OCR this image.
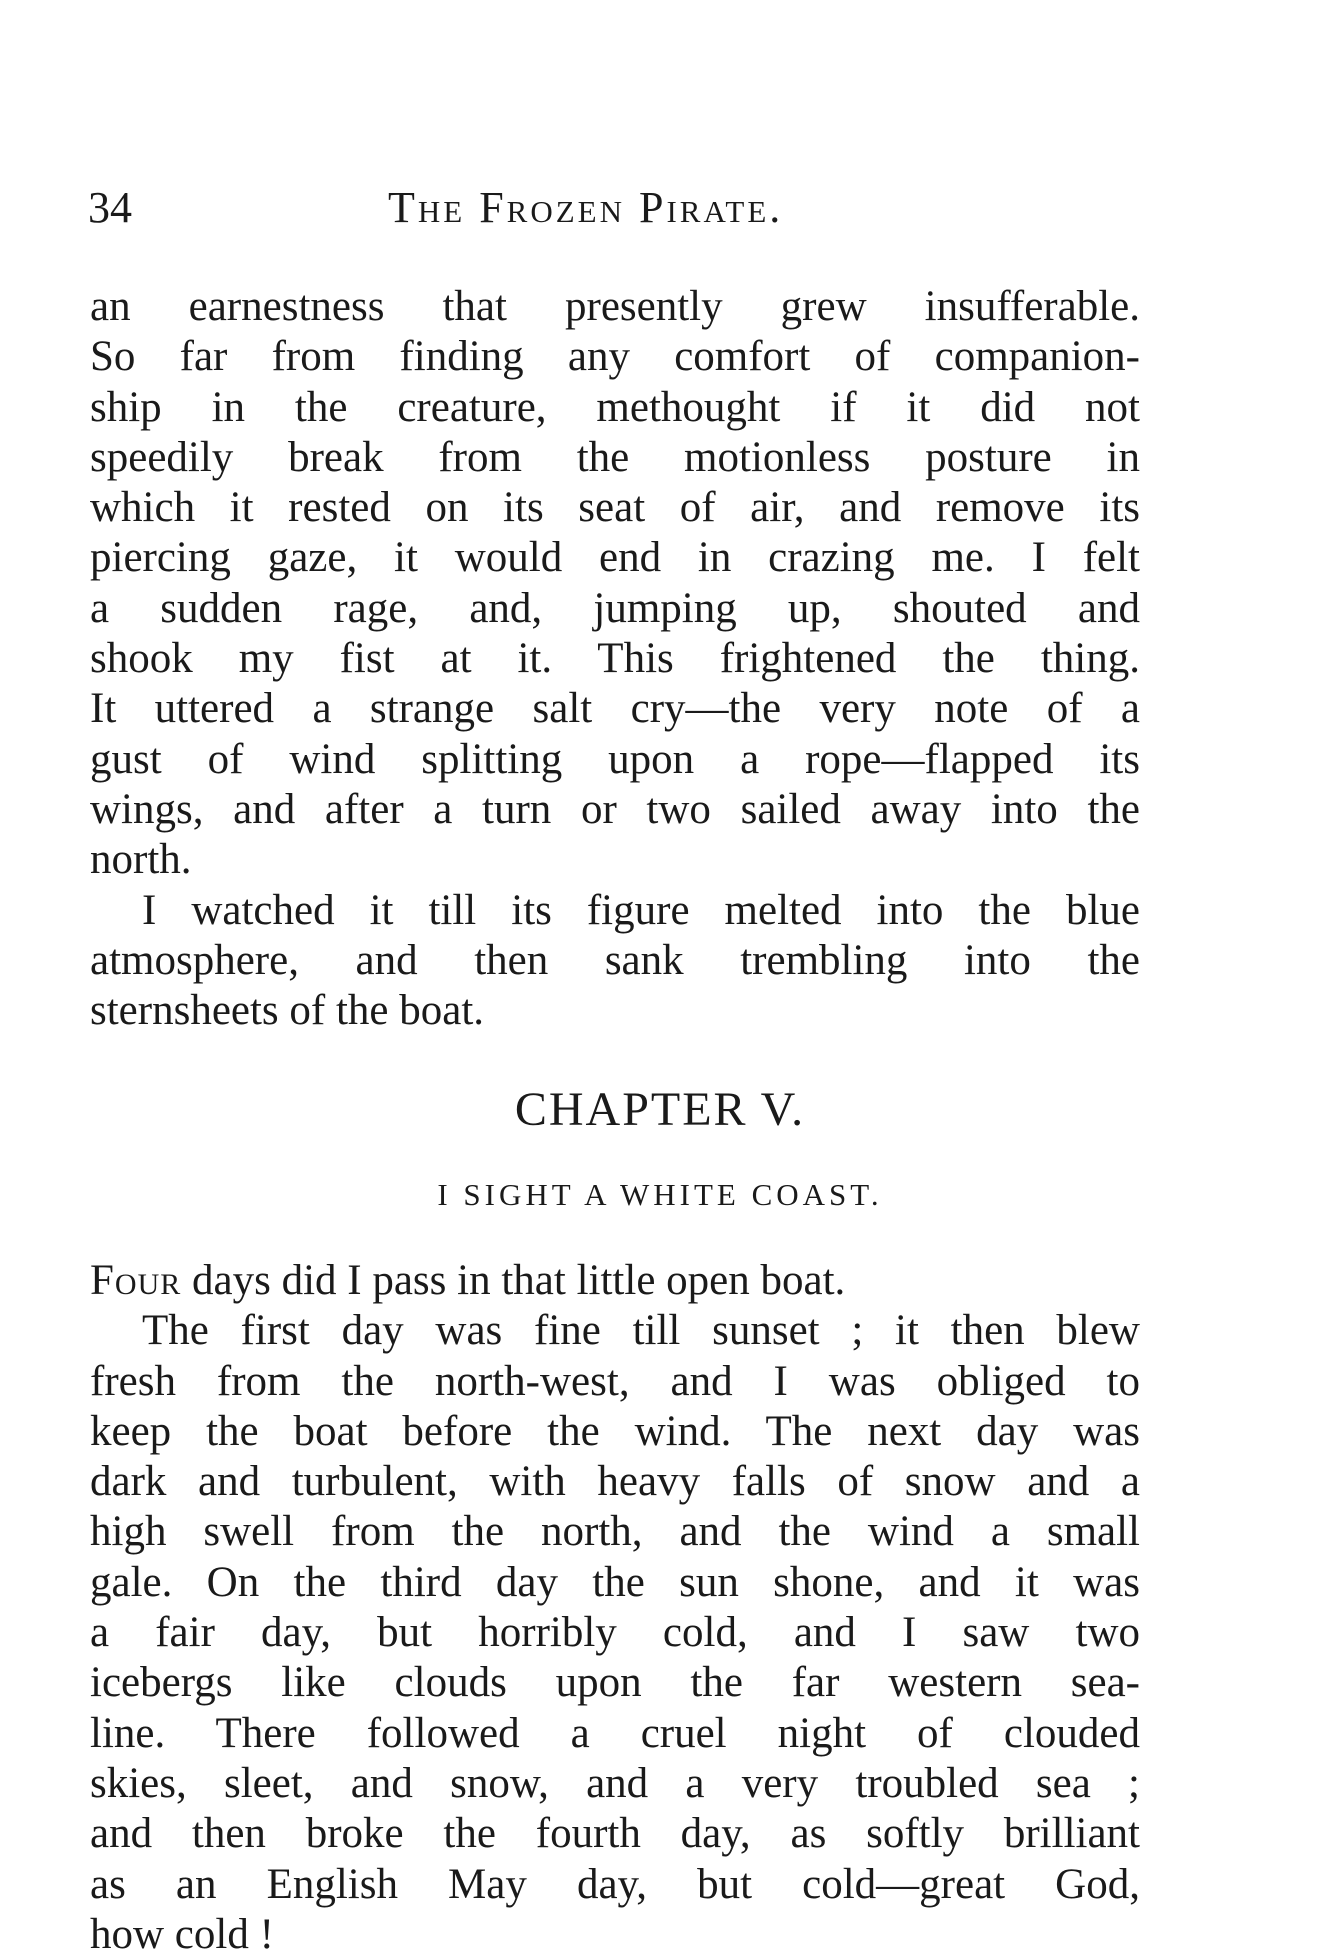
34	The Frozen Pirate.
an earnestness that presently grew insufferable.
So far from finding any comfort of companion-
ship in the creature, methought if it did not
speedily break from the motionless posture in
which it rested on its seat of air, and remove its
piercing gaze, it would end in crazing me. I felt
a sudden rage, and, jumping up, shouted and
shook my fist at it. This frightened the thing.
It uttered a strange salt cry—the very note of a
gust of wind splitting upon a rope—flapped its
wings, and after a turn or two sailed away into the
north.
I watched it till its figure melted into the blue
atmosphere, and then sank trembling into the
sternsheets of the boat.
CHAPTER V.
I SIGHT A WHITE COAST.
Four days did I pass in that little open boat.
The first day was fine till sunset ; it then blew
fresh from the north-west, and I was obliged to
keep the boat before the wind. The next day was
dark and turbulent, with heavy falls of snow and a
high swell from the north, and the wind a small
gale. On the third day the sun shone, and it was
a fair day, but horribly cold, and I saw two
icebergs like clouds upon the far western sea-
line. There followed a cruel night of clouded
skies, sleet, and snow, and a very troubled sea ;
and then broke the fourth day, as softly brilliant
as an English May day, but cold—great God,
how cold !
